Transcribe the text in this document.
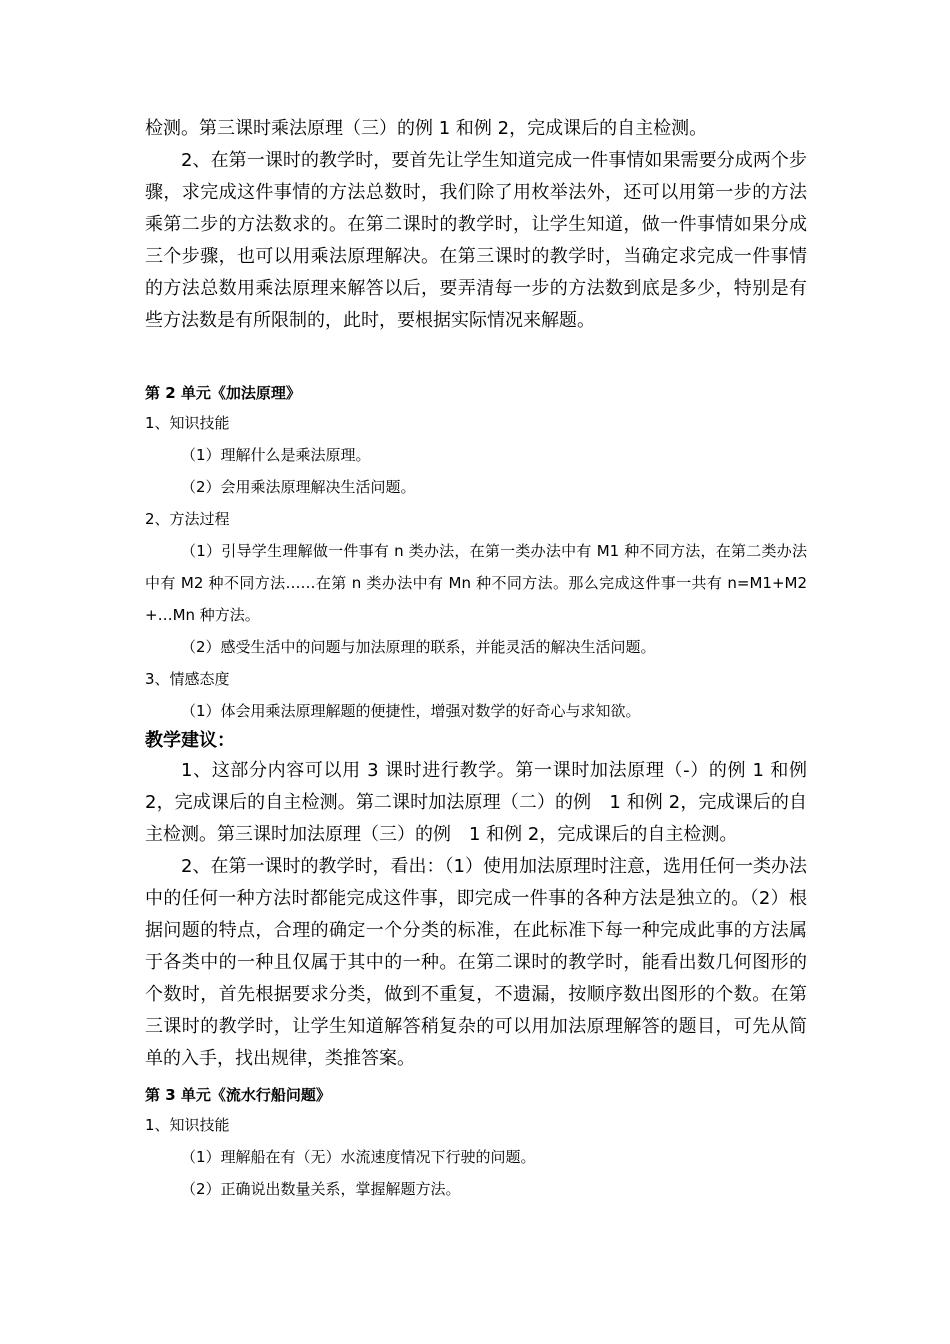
检测。第三课时乘法原理（三）的例 1 和例 2，完成课后的自主检测。

2、在第一课时的教学时，要首先让学生知道完成一件事情如果需要分成两个步骤，求完成这件事情的方法总数时，我们除了用枚举法外，还可以用第一步的方法乘第二步的方法数求的。在第二课时的教学时，让学生知道，做一件事情如果分成三个步骤，也可以用乘法原理解决。在第三课时的教学时，当确定求完成一件事情的方法总数用乘法原理来解答以后，要弄清每一步的方法数到底是多少，特别是有些方法数是有所限制的，此时，要根据实际情况来解题。

第 2 单元《加法原理》

1、知识技能

（1）理解什么是乘法原理。

（2）会用乘法原理解决生活问题。

2、方法过程

（1）引导学生理解做一件事有 n 类办法，在第一类办法中有 M1 种不同方法，在第二类办法中有 M2 种不同方法……在第 n 类办法中有 Mn 种不同方法。那么完成这件事一共有 n=M1+M2+…Mn 种方法。

（2）感受生活中的问题与加法原理的联系，并能灵活的解决生活问题。

3、情感态度

（1）体会用乘法原理解题的便捷性，增强对数学的好奇心与求知欲。

教学建议：

1、这部分内容可以用 3 课时进行教学。第一课时加法原理（-）的例 1 和例 2，完成课后的自主检测。第二课时加法原理（二）的例　1 和例 2，完成课后的自主检测。第三课时加法原理（三）的例　1 和例 2，完成课后的自主检测。

2、在第一课时的教学时，看出：（1）使用加法原理时注意，选用任何一类办法中的任何一种方法时都能完成这件事，即完成一件事的各种方法是独立的。（2）根据问题的特点，合理的确定一个分类的标准，在此标准下每一种完成此事的方法属于各类中的一种且仅属于其中的一种。在第二课时的教学时，能看出数几何图形的个数时，首先根据要求分类，做到不重复，不遗漏，按顺序数出图形的个数。在第三课时的教学时，让学生知道解答稍复杂的可以用加法原理解答的题目，可先从简单的入手，找出规律，类推答案。

第 3 单元《流水行船问题》

1、知识技能

（1）理解船在有（无）水流速度情况下行驶的问题。

（2）正确说出数量关系，掌握解题方法。
